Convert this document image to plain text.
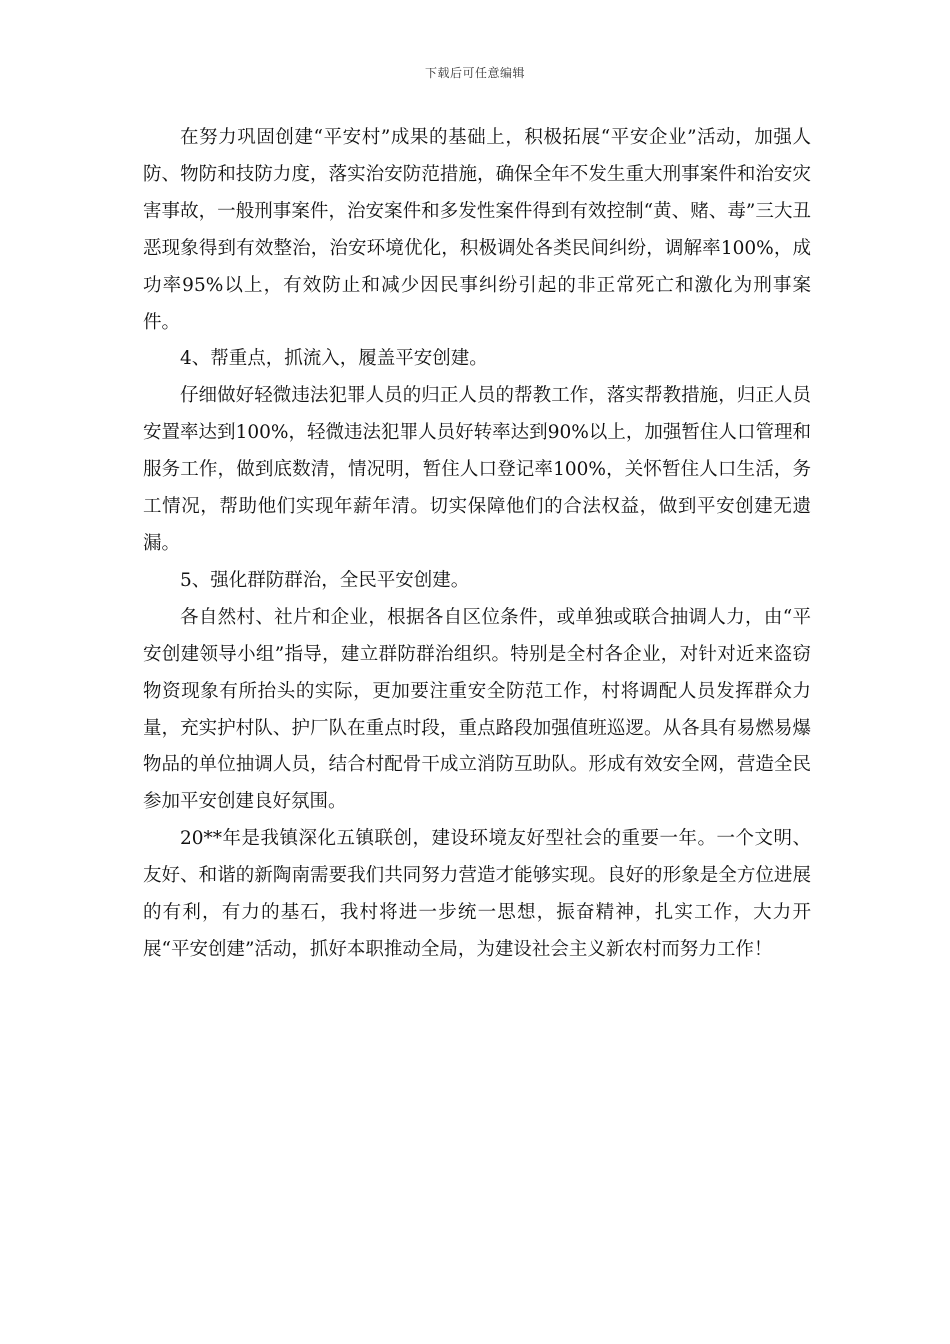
下载后可任意编辑

在努力巩固创建“平安村”成果的基础上，积极拓展“平安企业”活动，加强人防、物防和技防力度，落实治安防范措施，确保全年不发生重大刑事案件和治安灾害事故，一般刑事案件，治安案件和多发性案件得到有效控制“黄、赌、毒”三大丑恶现象得到有效整治，治安环境优化，积极调处各类民间纠纷，调解率100%，成功率95%以上，有效防止和减少因民事纠纷引起的非正常死亡和激化为刑事案件。

4、帮重点，抓流入，履盖平安创建。

仔细做好轻微违法犯罪人员的归正人员的帮教工作，落实帮教措施，归正人员安置率达到100%，轻微违法犯罪人员好转率达到90%以上，加强暂住人口管理和服务工作，做到底数清，情况明，暂住人口登记率100%，关怀暂住人口生活，务工情况，帮助他们实现年薪年清。切实保障他们的合法权益，做到平安创建无遗漏。

5、强化群防群治，全民平安创建。

各自然村、社片和企业，根据各自区位条件，或单独或联合抽调人力，由“平安创建领导小组”指导，建立群防群治组织。特别是全村各企业，对针对近来盗窃物资现象有所抬头的实际，更加要注重安全防范工作，村将调配人员发挥群众力量，充实护村队、护厂队在重点时段，重点路段加强值班巡逻。从各具有易燃易爆物品的单位抽调人员，结合村配骨干成立消防互助队。形成有效安全网，营造全民参加平安创建良好氛围。

20**年是我镇深化五镇联创，建设环境友好型社会的重要一年。一个文明、友好、和谐的新陶南需要我们共同努力营造才能够实现。良好的形象是全方位进展的有利，有力的基石，我村将进一步统一思想，振奋精神，扎实工作，大力开展“平安创建”活动，抓好本职推动全局，为建设社会主义新农村而努力工作！
